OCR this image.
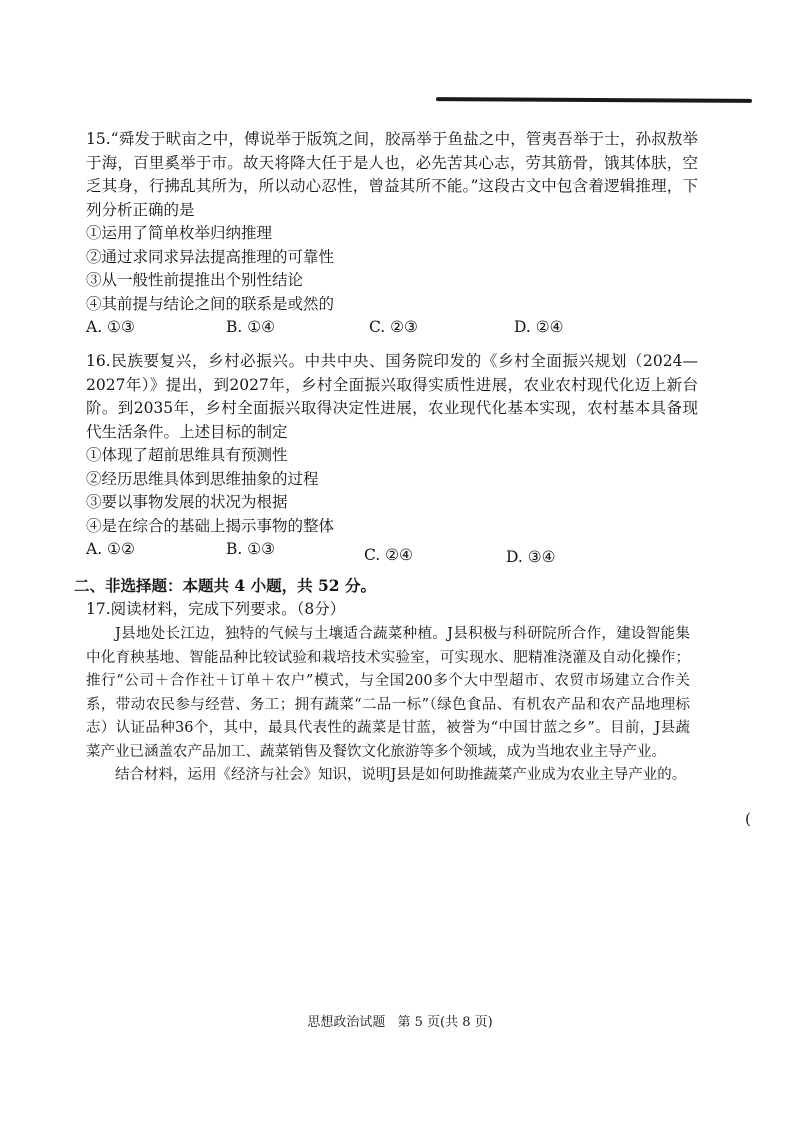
15.“舜发于畎亩之中，傅说举于版筑之间，胶鬲举于鱼盐之中，管夷吾举于士，孙叔敖举于海，百里奚举于市。故天将降大任于是人也，必先苦其心志，劳其筋骨，饿其体肤，空乏其身，行拂乱其所为，所以动心忍性，曾益其所不能。”这段古文中包含着逻辑推理，下列分析正确的是

①运用了简单枚举归纳推理

②通过求同求异法提高推理的可靠性

③从一般性前提推出个别性结论

④其前提与结论之间的联系是或然的

A. ①③	B. ①④	C. ②③	D. ②④

16.民族要复兴，乡村必振兴。中共中央、国务院印发的《乡村全面振兴规划（2024—2027年）》提出，到2027年，乡村全面振兴取得实质性进展，农业农村现代化迈上新台阶。到2035年，乡村全面振兴取得决定性进展，农业现代化基本实现，农村基本具备现代生活条件。上述目标的制定

①体现了超前思维具有预测性

②经历思维具体到思维抽象的过程

③要以事物发展的状况为根据

④是在综合的基础上揭示事物的整体

A. ①②	B. ①③	C. ②④	D. ③④
二、非选择题：本题共 4 小题，共 52 分。

17.阅读材料，完成下列要求。（8分）

J县地处长江边，独特的气候与土壤适合蔬菜种植。J县积极与科研院所合作，建设智能集中化育秧基地、智能品种比较试验和栽培技术实验室，可实现水、肥精准浇灌及自动化操作；推行“公司＋合作社＋订单＋农户”模式，与全国200多个大中型超市、农贸市场建立合作关系，带动农民参与经营、务工；拥有蔬菜“二品一标”（绿色食品、有机农产品和农产品地理标志）认证品种36个，其中，最具代表性的蔬菜是甘蓝，被誉为“中国甘蓝之乡”。目前，J县蔬菜产业已涵盖农产品加工、蔬菜销售及餐饮文化旅游等多个领域，成为当地农业主导产业。

结合材料，运用《经济与社会》知识，说明J县是如何助推蔬菜产业成为农业主导产业的。

(
思想政治试题 第 5 页(共 8 页)
